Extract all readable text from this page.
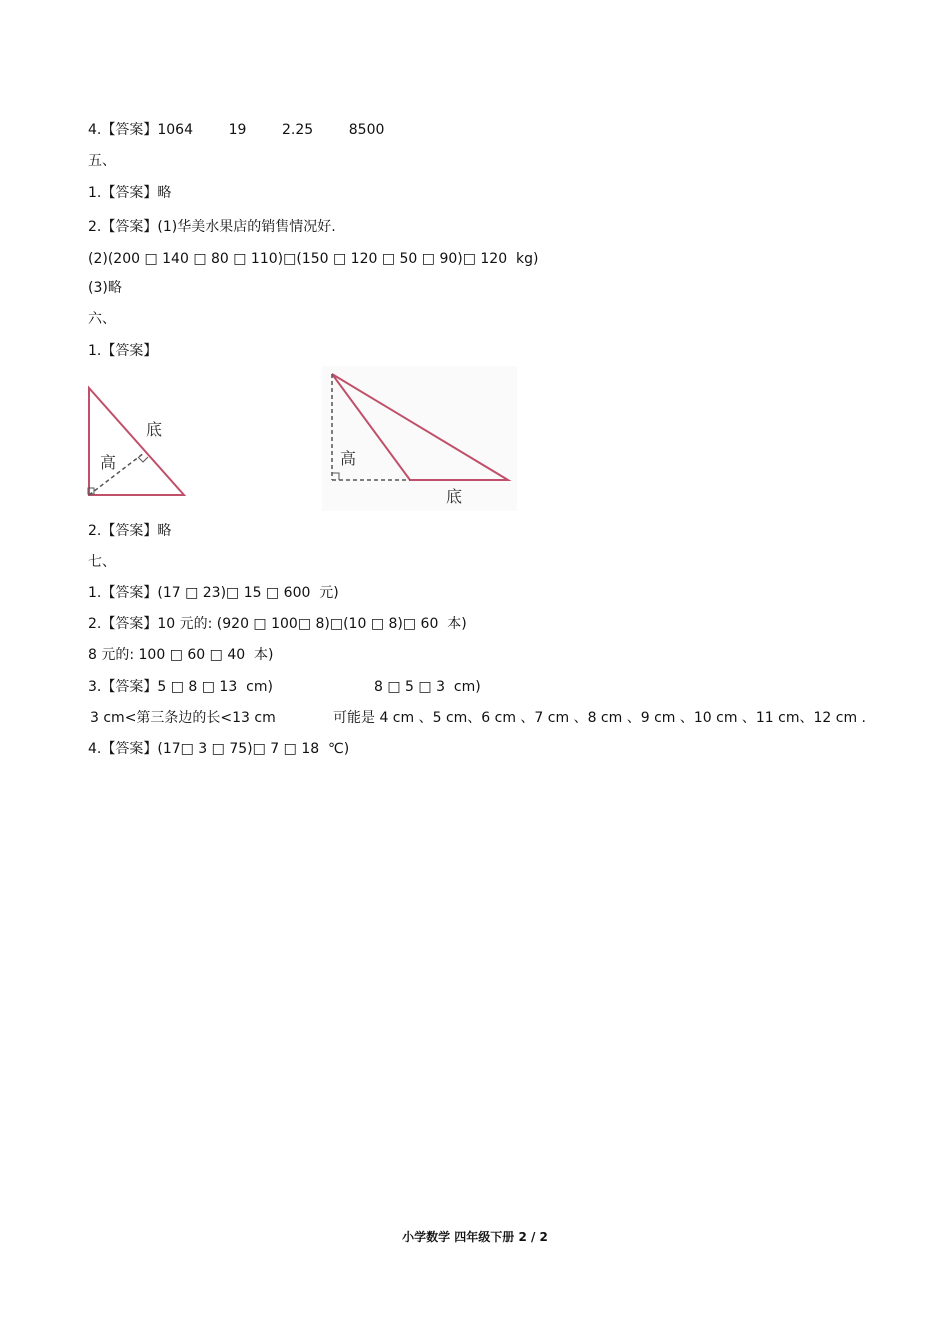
4.【答案】1064        19        2.25        8500
五、
1.【答案】略
2.【答案】(1)华美水果店的销售情况好.
(2)(200 □ 140 □ 80 □ 110)□(150 □ 120 □ 50 □ 90)□ 120  kg)
(3)略
六、
1.【答案】
底
高	高
底
2.【答案】略
七、
1.【答案】(17 □ 23)□ 15 □ 600  元)
2.【答案】10 元的: (920 □ 100□ 8)□(10 □ 8)□ 60  本)
8 元的: 100 □ 60 □ 40  本)
3.【答案】5 □ 8 □ 13  cm)	8 □ 5 □ 3  cm)
3 cm<第三条边的长<13 cm	可能是 4 cm 、5 cm、6 cm 、7 cm 、8 cm 、9 cm 、10 cm 、11 cm、12 cm .
4.【答案】(17□ 3 □ 75)□ 7 □ 18  ℃)
小学数学 四年级下册 2 / 2
